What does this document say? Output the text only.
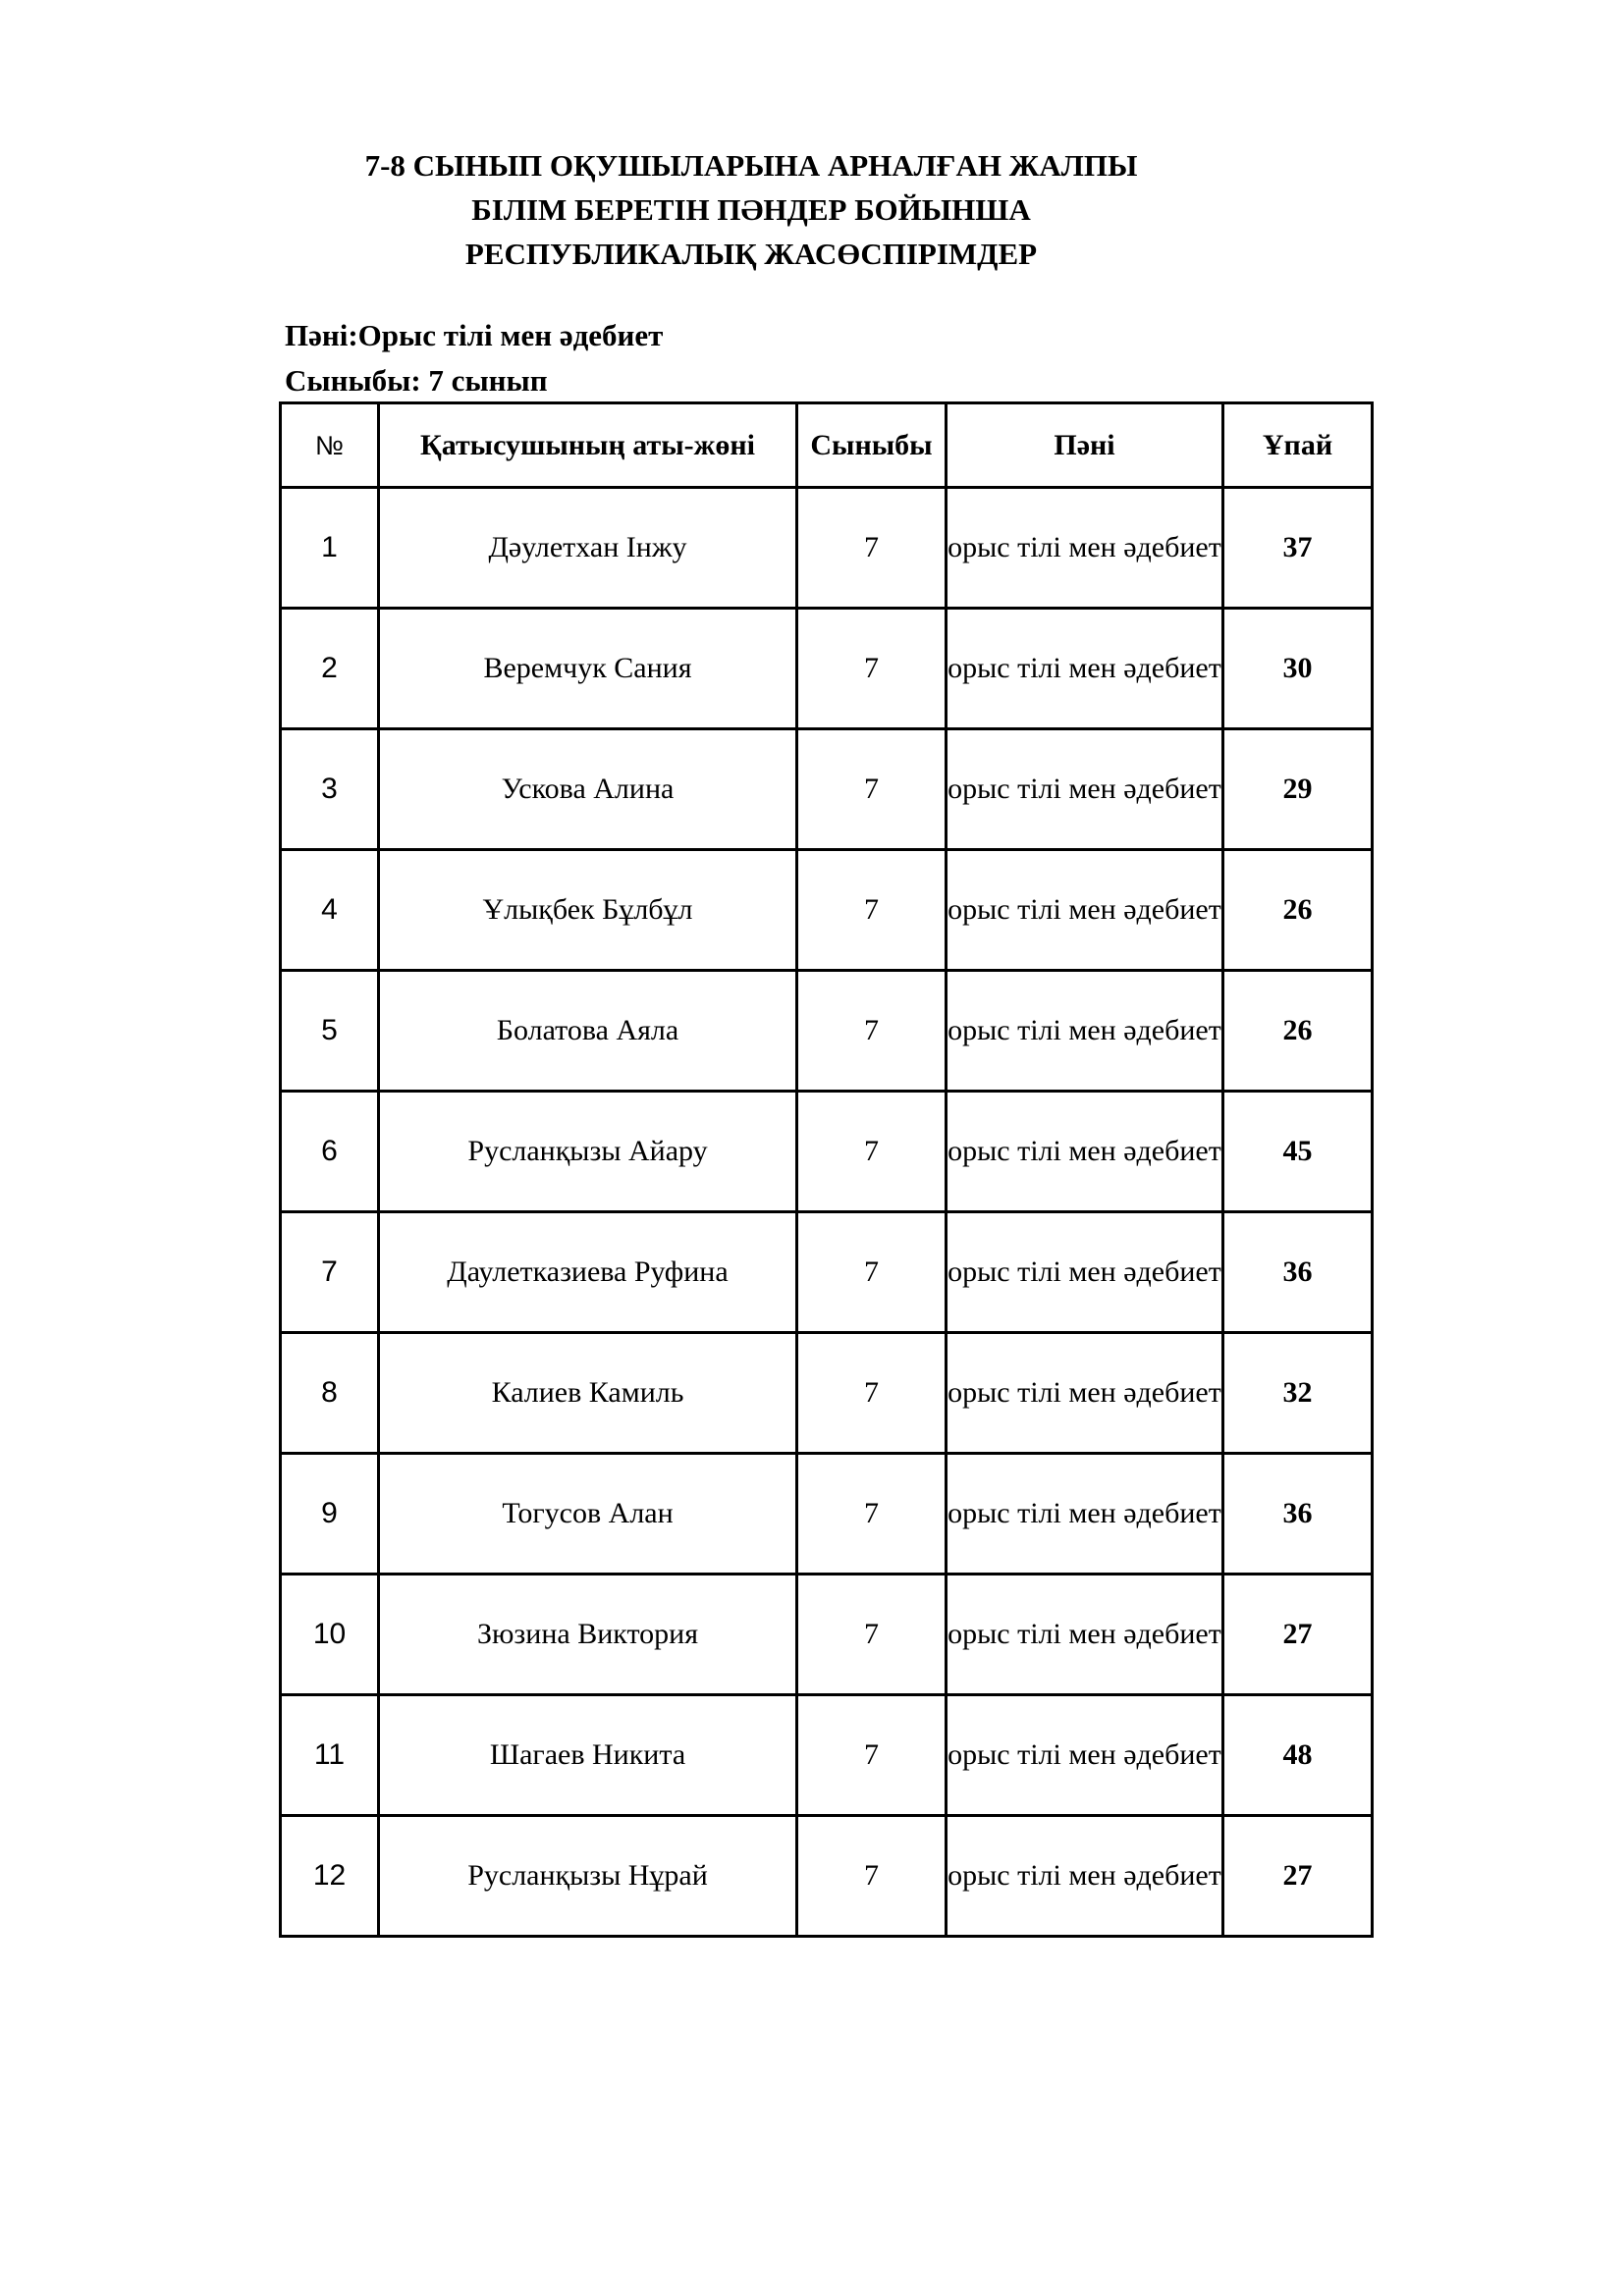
7-8 СЫНЫП ОҚУШЫЛАРЫНА АРНАЛҒАН ЖАЛПЫ
БІЛІМ БЕРЕТІН ПӘНДЕР БОЙЫНША
РЕСПУБЛИКАЛЫҚ ЖАСӨСПІРІМДЕР
Пәні:Орыс тілі мен әдебиет
Сыныбы: 7 сынып
№	Қатысушының аты-жөні	Сыныбы	Пәні	Ұпай
1	Дәулетхан Інжу	7	орыс тілі мен әдебиет	37
2	Веремчук Сания	7	орыс тілі мен әдебиет	30
3	Ускова Алина	7	орыс тілі мен әдебиет	29
4	Ұлықбек Бұлбұл	7	орыс тілі мен әдебиет	26
5	Болатова Аяла	7	орыс тілі мен әдебиет	26
6	Русланқызы Айару	7	орыс тілі мен әдебиет	45
7	Даулетказиева Руфина	7	орыс тілі мен әдебиет	36
8	Калиев Камиль	7	орыс тілі мен әдебиет	32
9	Тогусов Алан	7	орыс тілі мен әдебиет	36
10	Зюзина Виктория	7	орыс тілі мен әдебиет	27
11	Шагаев Никита	7	орыс тілі мен әдебиет	48
12	Русланқызы Нұрай	7	орыс тілі мен әдебиет	27
